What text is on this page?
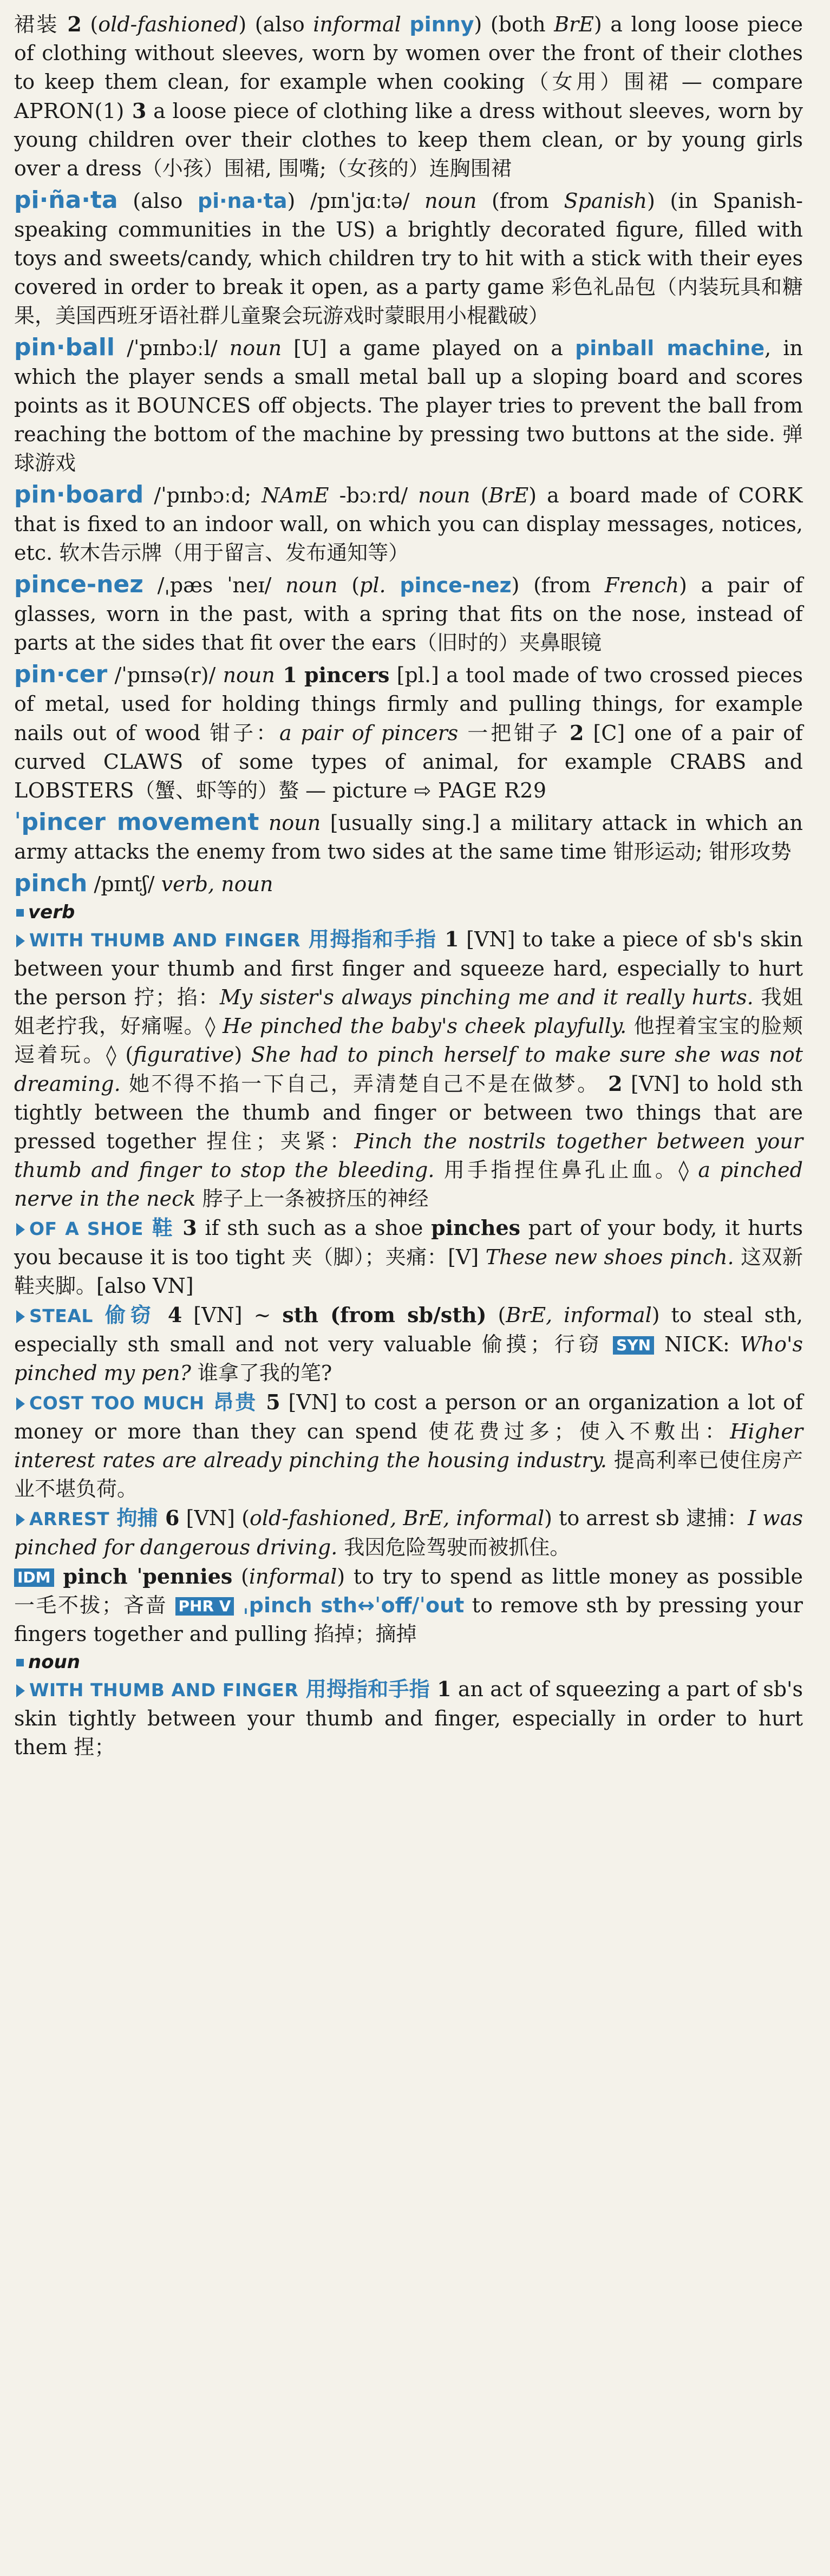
裙装 2 (old-fashioned) (also informal pinny) (both BrE) a long loose piece of clothing without sleeves, worn by women over the front of their clothes to keep them clean, for example when cooking（女用）围裙 — compare APRON(1) 3 a loose piece of clothing like a dress without sleeves, worn by young children over their clothes to keep them clean, or by young girls over a dress（小孩）围裙, 围嘴;（女孩的）连胸围裙
pi·ña·ta (also pi·na·ta) /pɪnˈjɑːtə/ noun (from Spanish) (in Spanish-speaking communities in the US) a brightly decorated figure, filled with toys and sweets/candy, which children try to hit with a stick with their eyes covered in order to break it open, as a party game 彩色礼品包（内装玩具和糖果，美国西班牙语社群儿童聚会玩游戏时蒙眼用小棍戳破）
pin·ball /ˈpɪnbɔːl/ noun [U] a game played on a pinball machine, in which the player sends a small metal ball up a sloping board and scores points as it BOUNCES off objects. The player tries to prevent the ball from reaching the bottom of the machine by pressing two buttons at the side. 弹球游戏
pin·board /ˈpɪnbɔːd; NAmE -bɔːrd/ noun (BrE) a board made of CORK that is fixed to an indoor wall, on which you can display messages, notices, etc. 软木告示牌（用于留言、发布通知等）
pince-nez /ˌpæs ˈneɪ/ noun (pl. pince-nez) (from French) a pair of glasses, worn in the past, with a spring that fits on the nose, instead of parts at the sides that fit over the ears（旧时的）夹鼻眼镜
pin·cer /ˈpɪnsə(r)/ noun 1 pincers [pl.] a tool made of two crossed pieces of metal, used for holding things firmly and pulling things, for example nails out of wood 钳子：a pair of pincers 一把钳子 2 [C] one of a pair of curved CLAWS of some types of animal, for example CRABS and LOBSTERS（蟹、虾等的）螯 — picture ⇨ PAGE R29
ˈpincer movement noun [usually sing.] a military attack in which an army attacks the enemy from two sides at the same time 钳形运动; 钳形攻势
pinch /pɪntʃ/ verb, noun
verb
WITH THUMB AND FINGER 用拇指和手指 1 [VN] to take a piece of sb's skin between your thumb and first finger and squeeze hard, especially to hurt the person 拧；掐：My sister's always pinching me and it really hurts. 我姐姐老拧我，好痛喔。◊ He pinched the baby's cheek playfully. 他捏着宝宝的脸颊逗着玩。◊ (figurative) She had to pinch herself to make sure she was not dreaming. 她不得不掐一下自己，弄清楚自己不是在做梦。 2 [VN] to hold sth tightly between the thumb and finger or between two things that are pressed together 捏住；夹紧：Pinch the nostrils together between your thumb and finger to stop the bleeding. 用手指捏住鼻孔止血。◊ a pinched nerve in the neck 脖子上一条被挤压的神经
OF A SHOE 鞋 3 if sth such as a shoe pinches part of your body, it hurts you because it is too tight 夹（脚）；夹痛：[V] These new shoes pinch. 这双新鞋夹脚。[also VN]
STEAL 偷窃 4 [VN] ~ sth (from sb/sth) (BrE, informal) to steal sth, especially sth small and not very valuable 偷摸；行窃 SYN NICK: Who's pinched my pen? 谁拿了我的笔?
COST TOO MUCH 昂贵 5 [VN] to cost a person or an organization a lot of money or more than they can spend 使花费过多；使入不敷出：Higher interest rates are already pinching the housing industry. 提高利率已使住房产业不堪负荷。
ARREST 拘捕 6 [VN] (old-fashioned, BrE, informal) to arrest sb 逮捕：I was pinched for dangerous driving. 我因危险驾驶而被抓住。
IDM pinch ˈpennies (informal) to try to spend as little money as possible 一毛不拔；吝啬 PHR V ˌpinch sth↔ˈoff/ˈout to remove sth by pressing your fingers together and pulling 掐掉；摘掉
noun
WITH THUMB AND FINGER 用拇指和手指 1 an act of squeezing a part of sb's skin tightly between your thumb and finger, especially in order to hurt them 捏；
